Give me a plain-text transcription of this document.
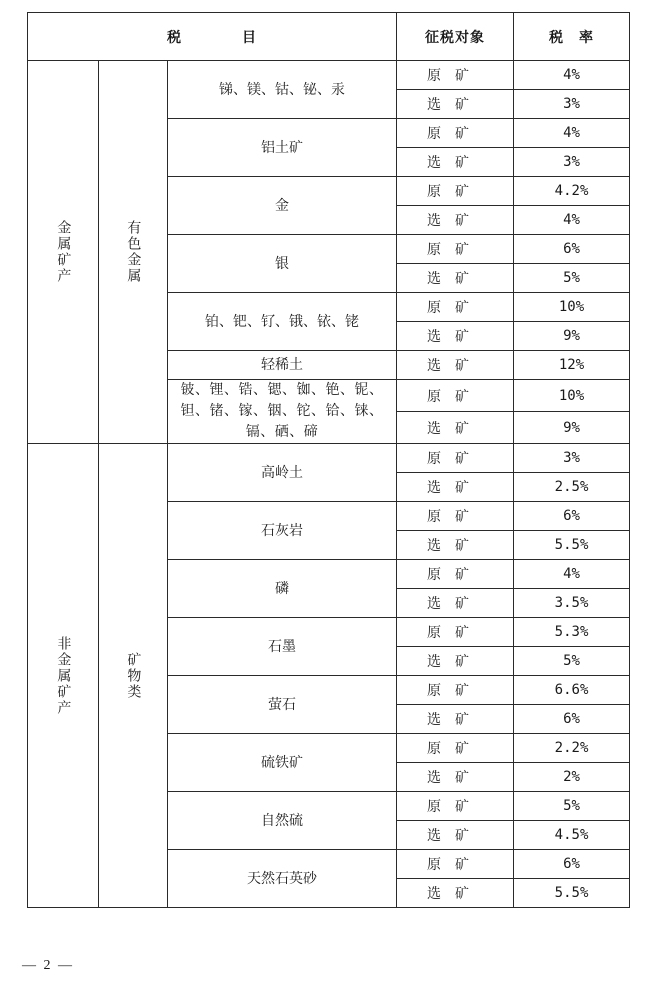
税　　　　目			征税对象	税　率

金属矿产	有色金属	锑、镁、钴、铋、汞	原矿	4%
			选矿	3%
		铝土矿	原矿	4%
			选矿	3%
		金	原矿	4.2%
			选矿	4%
		银	原矿	6%
			选矿	5%
		铂、钯、钌、锇、铱、铑	原矿	10%
			选矿	9%
		轻稀土	选矿	12%
		铍、锂、锆、锶、铷、铯、铌、钽、锗、镓、铟、铊、铪、铼、镉、硒、碲	原矿	10%
			选矿	9%

非金属矿产	矿物类	高岭土	原矿	3%
			选矿	2.5%
		石灰岩	原矿	6%
			选矿	5.5%
		磷	原矿	4%
			选矿	3.5%
		石墨	原矿	5.3%
			选矿	5%
		萤石	原矿	6.6%
			选矿	6%
		硫铁矿	原矿	2.2%
			选矿	2%
		自然硫	原矿	5%
			选矿	4.5%
		天然石英砂	原矿	6%
			选矿	5.5%
— 2 —
